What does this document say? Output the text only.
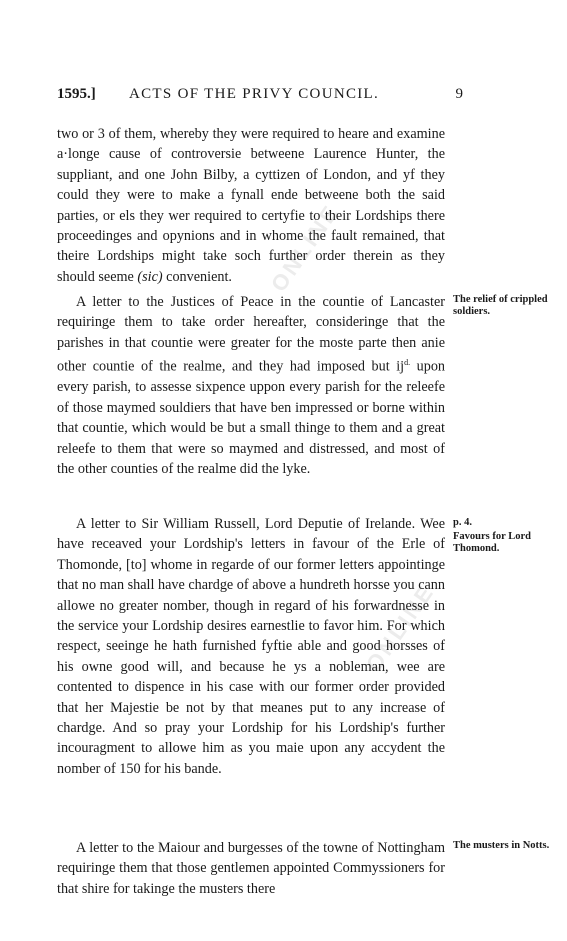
ONLINE
ONLINE
1595.] ACTS OF THE PRIVY COUNCIL.	9

two or 3 of them, whereby they were required to heare and examine a·longe cause of controversie betweene Laurence Hunter, the suppliant, and one John Bilby, a cyttizen of London, and yf they could they were to make a fynall ende betweene both the said parties, or els they wer required to certyfie to their Lordships there proceedinges and opynions and in whome the fault remained, that theire Lordships might take soch further order therein as they should seeme (sic) convenient.

A letter to the Justices of Peace in the countie of Lancaster requiringe them to take order hereafter, consideringe that the parishes in that countie were greater for the moste parte then anie other countie of the realme, and they had imposed but $ij^{d.}$ upon every parish, to assesse sixpence uppon every parish for the releefe of those maymed souldiers that have ben impressed or borne within that countie, which would be but a small thinge to them and a great releefe to them that were so maymed and distressed, and most of the other counties of the realme did the lyke.

A letter to Sir William Russell, Lord Deputie of Irelande. Wee have receaved your Lordship's letters in favour of the Erle of Thomonde, [to] whome in regarde of our former letters appointinge that no man shall have chardge of above a hundreth horsse you cann allowe no greater nomber, though in regard of his forwardnesse in the service your Lordship desires earnestlie to favor him. For which respect, seeinge he hath furnished fyftie able and good horsses of his owne good will, and because he ys a nobleman, wee are contented to dispence in his case with our former order provided that her Majestie be not by that meanes put to any increase of chardge. And so pray your Lordship for his Lordship's further incouragment to allowe him as you maie upon any accydent the nomber of 150 for his bande.

A letter to the Maiour and burgesses of the towne of Nottingham requiringe them that those gentlemen appointed Commyssioners for that shire for takinge the musters there

The relief of crippled soldiers.
p. 4.
Favours for Lord Thomond.
The musters in Notts.
